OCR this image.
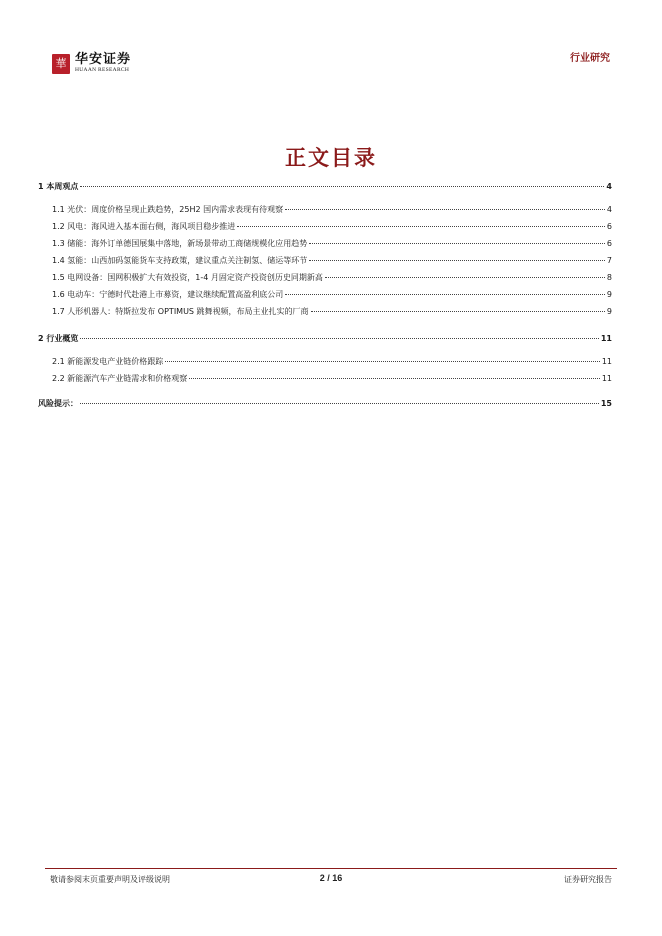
華 华安证券
HUAAN RESEARCH
行业研究
正文目录
1 本周观点	4
1.1 光伏：周度价格呈现止跌趋势，25H2 国内需求表现有待观察	4
1.2 风电：海风进入基本面右侧，海风项目稳步推进	6
1.3 储能：海外订单德国展集中落地，新场景带动工商储规模化应用趋势	6
1.4 氢能：山西加码氢能货车支持政策，建议重点关注制氢、储运等环节	7
1.5 电网设备：国网积极扩大有效投资，1-4 月固定资产投资创历史同期新高	8
1.6 电动车：宁德时代赴港上市募资，建议继续配置高盈利底公司	9
1.7 人形机器人：特斯拉发布 OPTIMUS 跳舞视频，布局主业扎实的厂商	9
2 行业概览	11
2.1 新能源发电产业链价格跟踪	11
2.2 新能源汽车产业链需求和价格观察	11
风险提示：	15
敬请参阅末页重要声明及评级说明	2 / 16	证券研究报告
